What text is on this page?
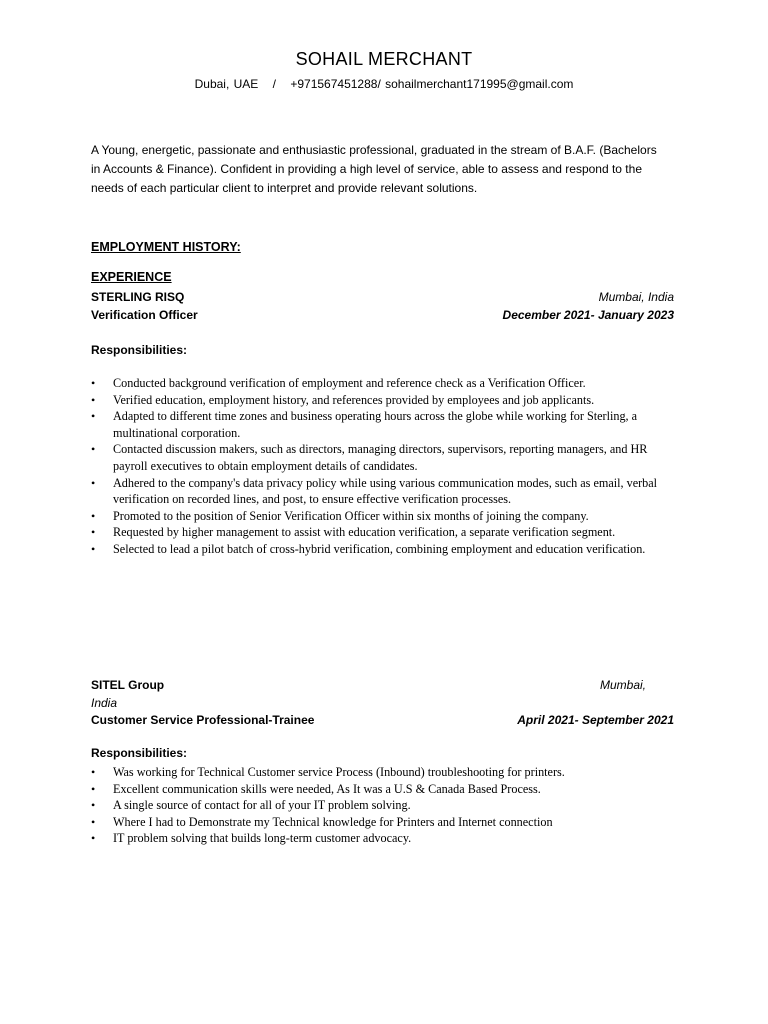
SOHAIL MERCHANT
Dubai, UAE / +971567451288/ sohailmerchant171995@gmail.com
A Young, energetic, passionate and enthusiastic professional, graduated in the stream of B.A.F. (Bachelors in Accounts & Finance). Confident in providing a high level of service, able to assess and respond to the needs of each particular client to interpret and provide relevant solutions.
EMPLOYMENT HISTORY:
EXPERIENCE
STERLING RISQ	Mumbai, India
Verification Officer	December 2021- January 2023
Responsibilities:
•
Conducted background verification of employment and reference check as a Verification Officer.
•
Verified education, employment history, and references provided by employees and job applicants.
•
Adapted to different time zones and business operating hours across the globe while working for Sterling, a multinational corporation.
•
Contacted discussion makers, such as directors, managing directors, supervisors, reporting managers, and HR payroll executives to obtain employment details of candidates.
•
Adhered to the company's data privacy policy while using various communication modes, such as email, verbal verification on recorded lines, and post, to ensure effective verification processes.
•
Promoted to the position of Senior Verification Officer within six months of joining the company.
•
Requested by higher management to assist with education verification, a separate verification segment.
•
Selected to lead a pilot batch of cross-hybrid verification, combining employment and education verification.
SITEL Group	Mumbai,
India
Customer Service Professional-Trainee	April 2021- September 2021
Responsibilities:
•
Was working for Technical Customer service Process (Inbound) troubleshooting for printers.
•
Excellent communication skills were needed, As It was a U.S & Canada Based Process.
•
A single source of contact for all of your IT problem solving.
•
Where I had to Demonstrate my Technical knowledge for Printers and Internet connection
•
IT problem solving that builds long-term customer advocacy.
